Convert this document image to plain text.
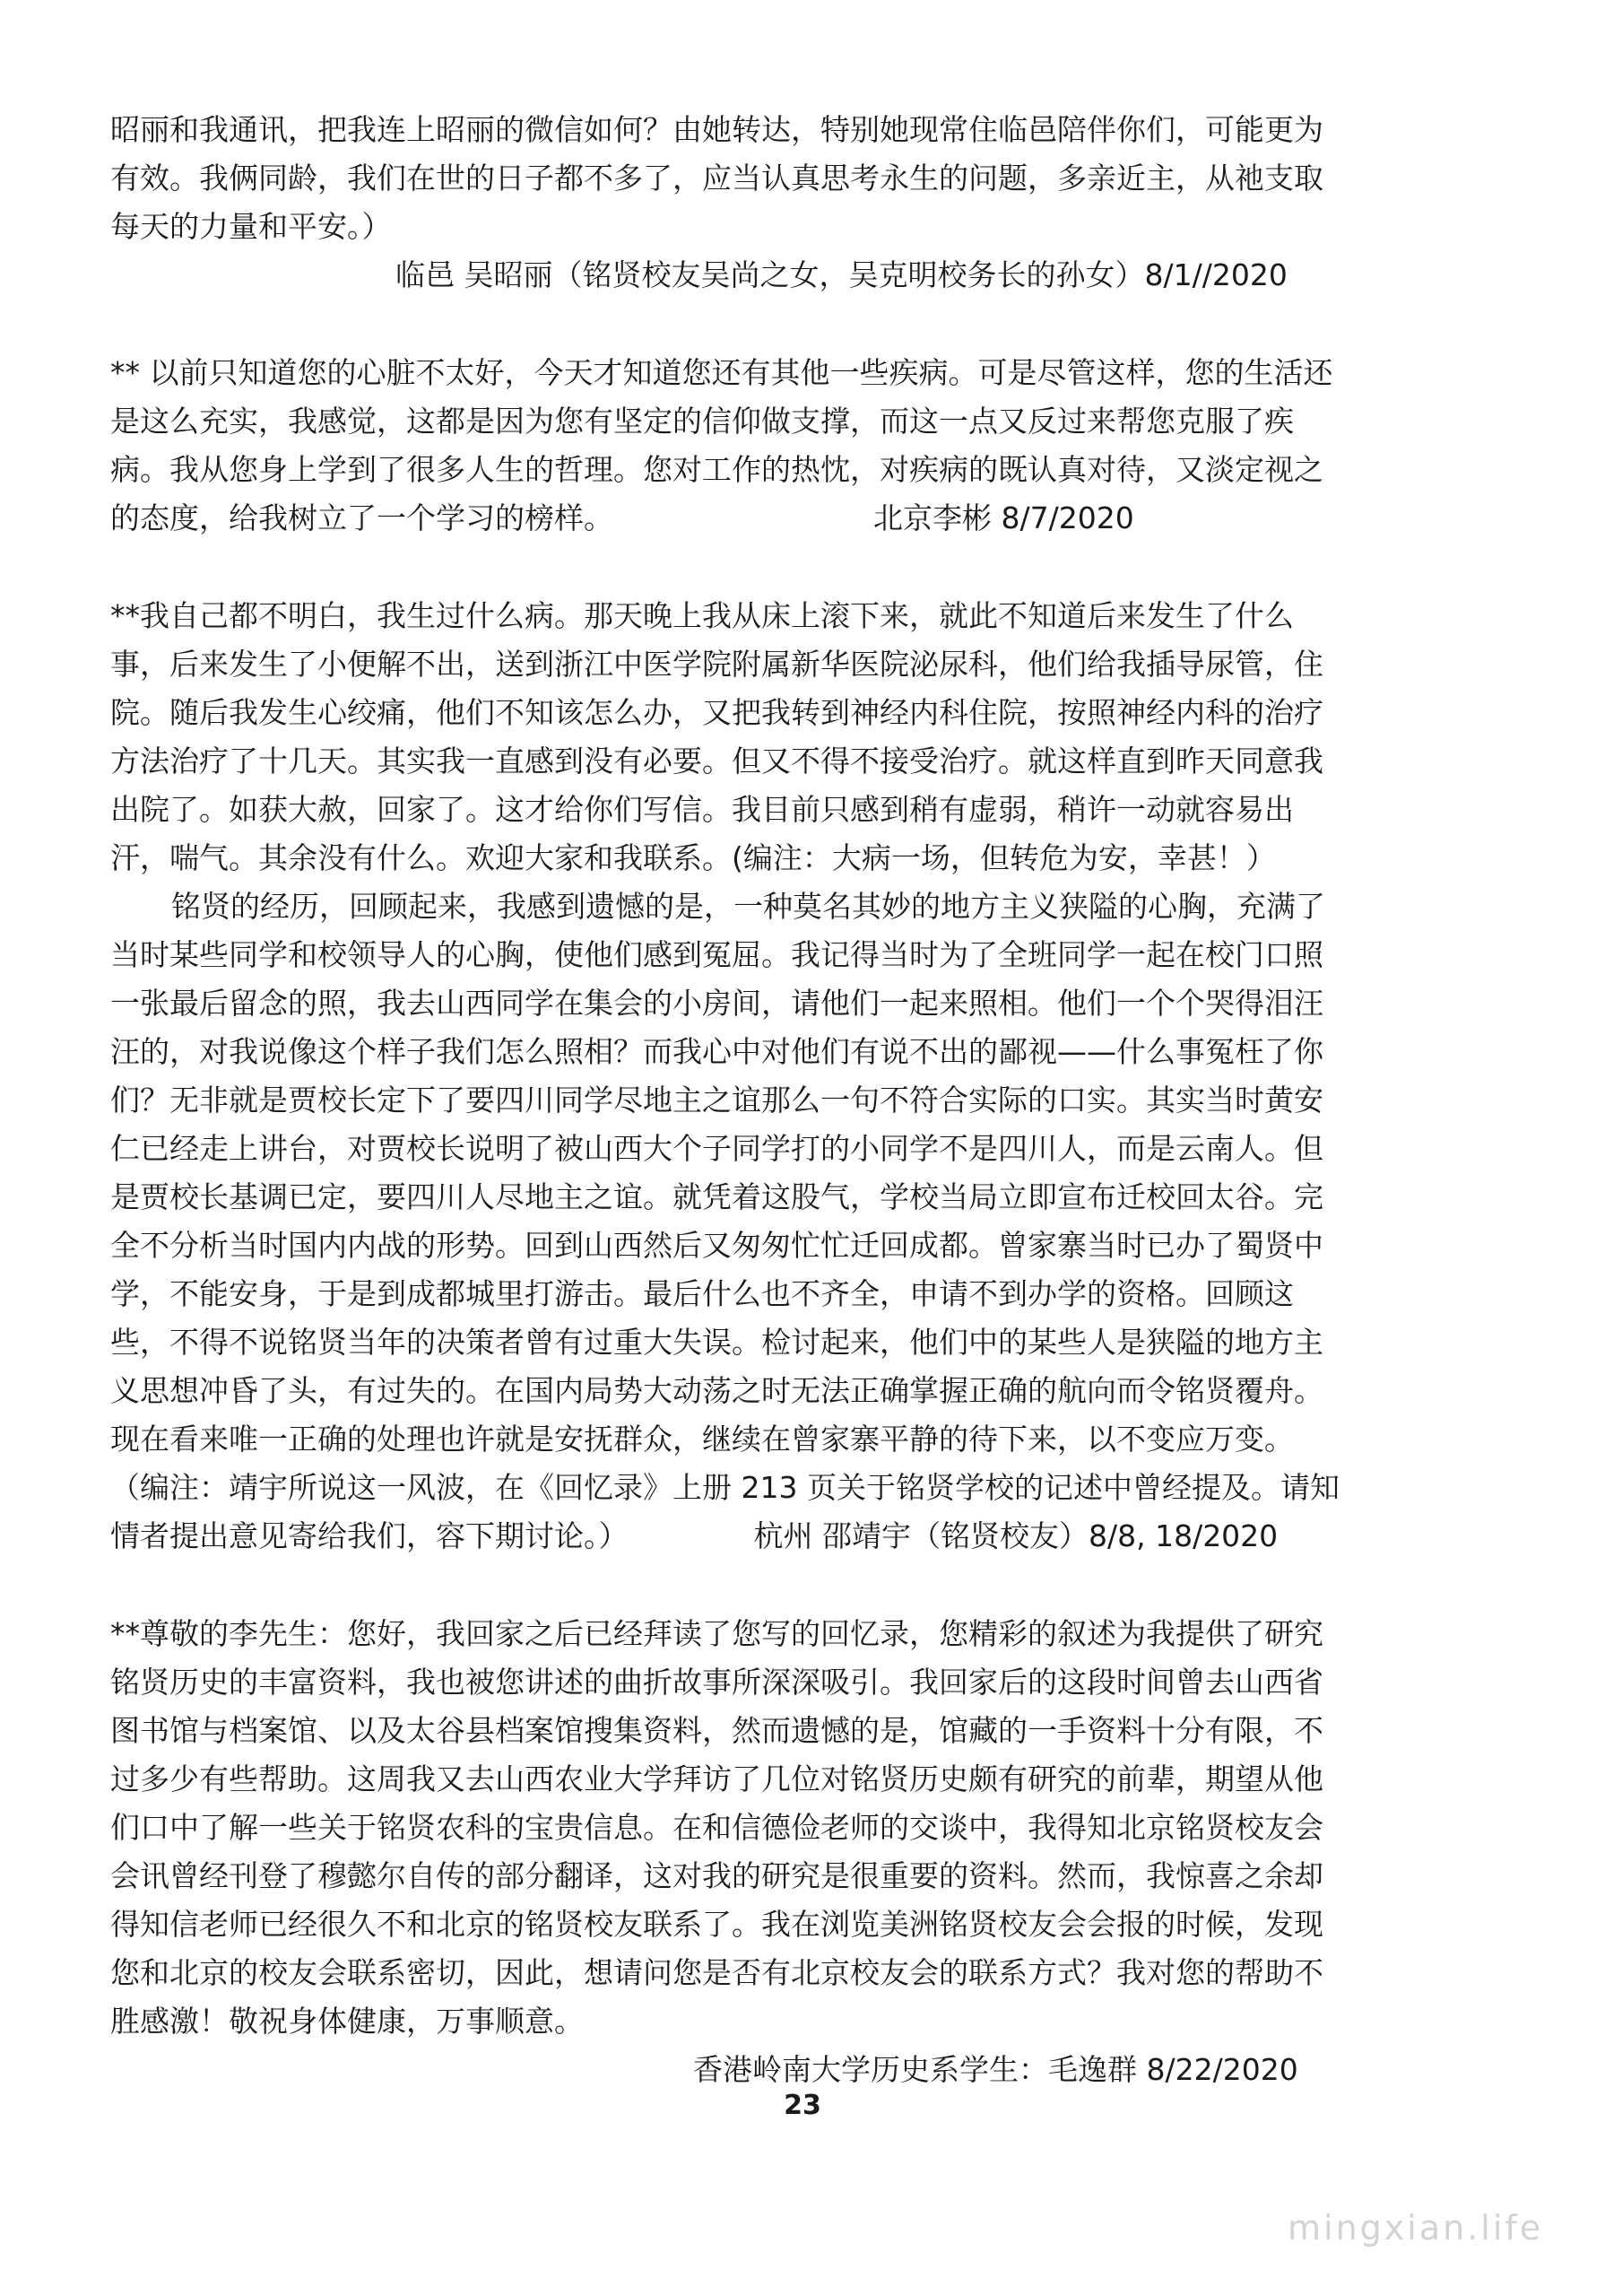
昭丽和我通讯，把我连上昭丽的微信如何？由她转达，特别她现常住临邑陪伴你们，可能更为
有效。我俩同龄，我们在世的日子都不多了，应当认真思考永生的问题，多亲近主，从祂支取
每天的力量和平安。）
临邑 吴昭丽（铭贤校友吴尚之女，吴克明校务长的孙女）8/1//2020
** 以前只知道您的心脏不太好，今天才知道您还有其他一些疾病。可是尽管这样，您的生活还
是这么充实，我感觉，这都是因为您有坚定的信仰做支撑，而这一点又反过来帮您克服了疾
病。我从您身上学到了很多人生的哲理。您对工作的热忱，对疾病的既认真对待，又淡定视之
的态度，给我树立了一个学习的榜样。	北京李彬 8/7/2020
**我自己都不明白，我生过什么病。那天晚上我从床上滚下来，就此不知道后来发生了什么
事，后来发生了小便解不出，送到浙江中医学院附属新华医院泌尿科，他们给我插导尿管，住
院。随后我发生心绞痛，他们不知该怎么办，又把我转到神经内科住院，按照神经内科的治疗
方法治疗了十几天。其实我一直感到没有必要。但又不得不接受治疗。就这样直到昨天同意我
出院了。如获大赦，回家了。这才给你们写信。我目前只感到稍有虚弱，稍许一动就容易出
汗，喘气。其余没有什么。欢迎大家和我联系。(编注：大病一场，但转危为安，幸甚！）
铭贤的经历，回顾起来，我感到遗憾的是，一种莫名其妙的地方主义狭隘的心胸，充满了
当时某些同学和校领导人的心胸，使他们感到冤屈。我记得当时为了全班同学一起在校门口照
一张最后留念的照，我去山西同学在集会的小房间，请他们一起来照相。他们一个个哭得泪汪
汪的，对我说像这个样子我们怎么照相？而我心中对他们有说不出的鄙视——什么事冤枉了你
们？无非就是贾校长定下了要四川同学尽地主之谊那么一句不符合实际的口实。其实当时黄安
仁已经走上讲台，对贾校长说明了被山西大个子同学打的小同学不是四川人，而是云南人。但
是贾校长基调已定，要四川人尽地主之谊。就凭着这股气，学校当局立即宣布迁校回太谷。完
全不分析当时国内内战的形势。回到山西然后又匆匆忙忙迁回成都。曾家寨当时已办了蜀贤中
学，不能安身，于是到成都城里打游击。最后什么也不齐全，申请不到办学的资格。回顾这
些，不得不说铭贤当年的决策者曾有过重大失误。检讨起来，他们中的某些人是狭隘的地方主
义思想冲昏了头，有过失的。在国内局势大动荡之时无法正确掌握正确的航向而令铭贤覆舟。
现在看来唯一正确的处理也许就是安抚群众，继续在曾家寨平静的待下来，以不变应万变。
（编注：靖宇所说这一风波，在《回忆录》上册 213 页关于铭贤学校的记述中曾经提及。请知
情者提出意见寄给我们，容下期讨论。）	杭州 邵靖宇（铭贤校友）8/8, 18/2020
**尊敬的李先生：您好，我回家之后已经拜读了您写的回忆录，您精彩的叙述为我提供了研究
铭贤历史的丰富资料，我也被您讲述的曲折故事所深深吸引。我回家后的这段时间曾去山西省
图书馆与档案馆、以及太谷县档案馆搜集资料，然而遗憾的是，馆藏的一手资料十分有限，不
过多少有些帮助。这周我又去山西农业大学拜访了几位对铭贤历史颇有研究的前辈，期望从他
们口中了解一些关于铭贤农科的宝贵信息。在和信德俭老师的交谈中，我得知北京铭贤校友会
会讯曾经刊登了穆懿尔自传的部分翻译，这对我的研究是很重要的资料。然而，我惊喜之余却
得知信老师已经很久不和北京的铭贤校友联系了。我在浏览美洲铭贤校友会会报的时候，发现
您和北京的校友会联系密切，因此，想请问您是否有北京校友会的联系方式？我对您的帮助不
胜感激！敬祝身体健康，万事顺意。
香港岭南大学历史系学生：毛逸群 8/22/2020
23
mingxian.life
